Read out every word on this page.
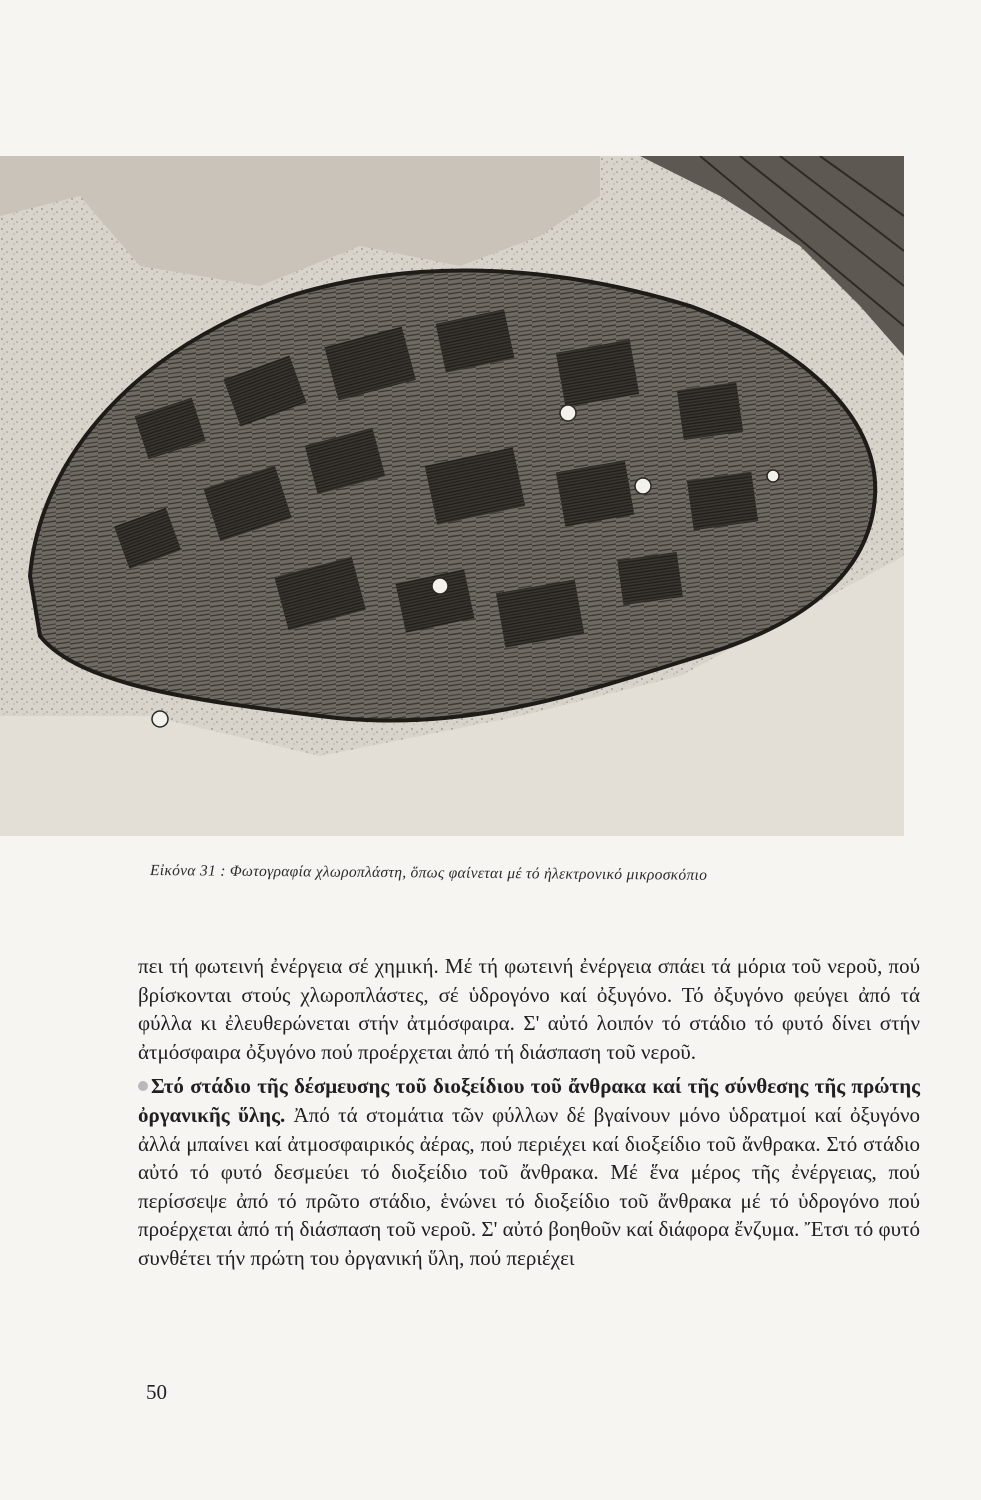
Εἰκόνα 31 : Φωτογραφία χλωροπλάστη, ὅπως φαίνεται μέ τό ἠλεκτρονικό μικροσκόπιο

πει τή φωτεινή ἐνέργεια σέ χημική. Μέ τή φωτεινή ἐνέργεια σπάει τά μόρια τοῦ νεροῦ, πού βρίσκονται στούς χλωροπλάστες, σέ ὑδρογόνο καί ὀξυγόνο. Τό ὀξυγόνο φεύγει ἀπό τά φύλλα κι ἐλευθερώνεται στήν ἀτμόσφαιρα. Σ' αὐτό λοιπόν τό στάδιο τό φυτό δίνει στήν ἀτμόσφαιρα ὀξυγόνο πού προέρχεται ἀπό τή διάσπαση τοῦ νεροῦ.

Στό στάδιο τῆς δέσμευσης τοῦ διοξείδιου τοῦ ἄνθρακα καί τῆς σύνθεσης τῆς πρώτης ὀργανικῆς ὕλης. Ἀπό τά στομάτια τῶν φύλλων δέ βγαίνουν μόνο ὑδρατμοί καί ὀξυγόνο ἀλλά μπαίνει καί ἀτμοσφαιρικός ἀέρας, πού περιέχει καί διοξείδιο τοῦ ἄνθρακα. Στό στάδιο αὐτό τό φυτό δεσμεύει τό διοξείδιο τοῦ ἄνθρακα. Μέ ἕνα μέρος τῆς ἐνέργειας, πού περίσσεψε ἀπό τό πρῶτο στάδιο, ἑνώνει τό διοξείδιο τοῦ ἄνθρακα μέ τό ὑδρογόνο πού προέρχεται ἀπό τή διάσπαση τοῦ νεροῦ. Σ' αὐτό βοηθοῦν καί διάφορα ἔνζυμα. Ἔτσι τό φυτό συνθέτει τήν πρώτη του ὀργανική ὕλη, πού περιέχει

50
